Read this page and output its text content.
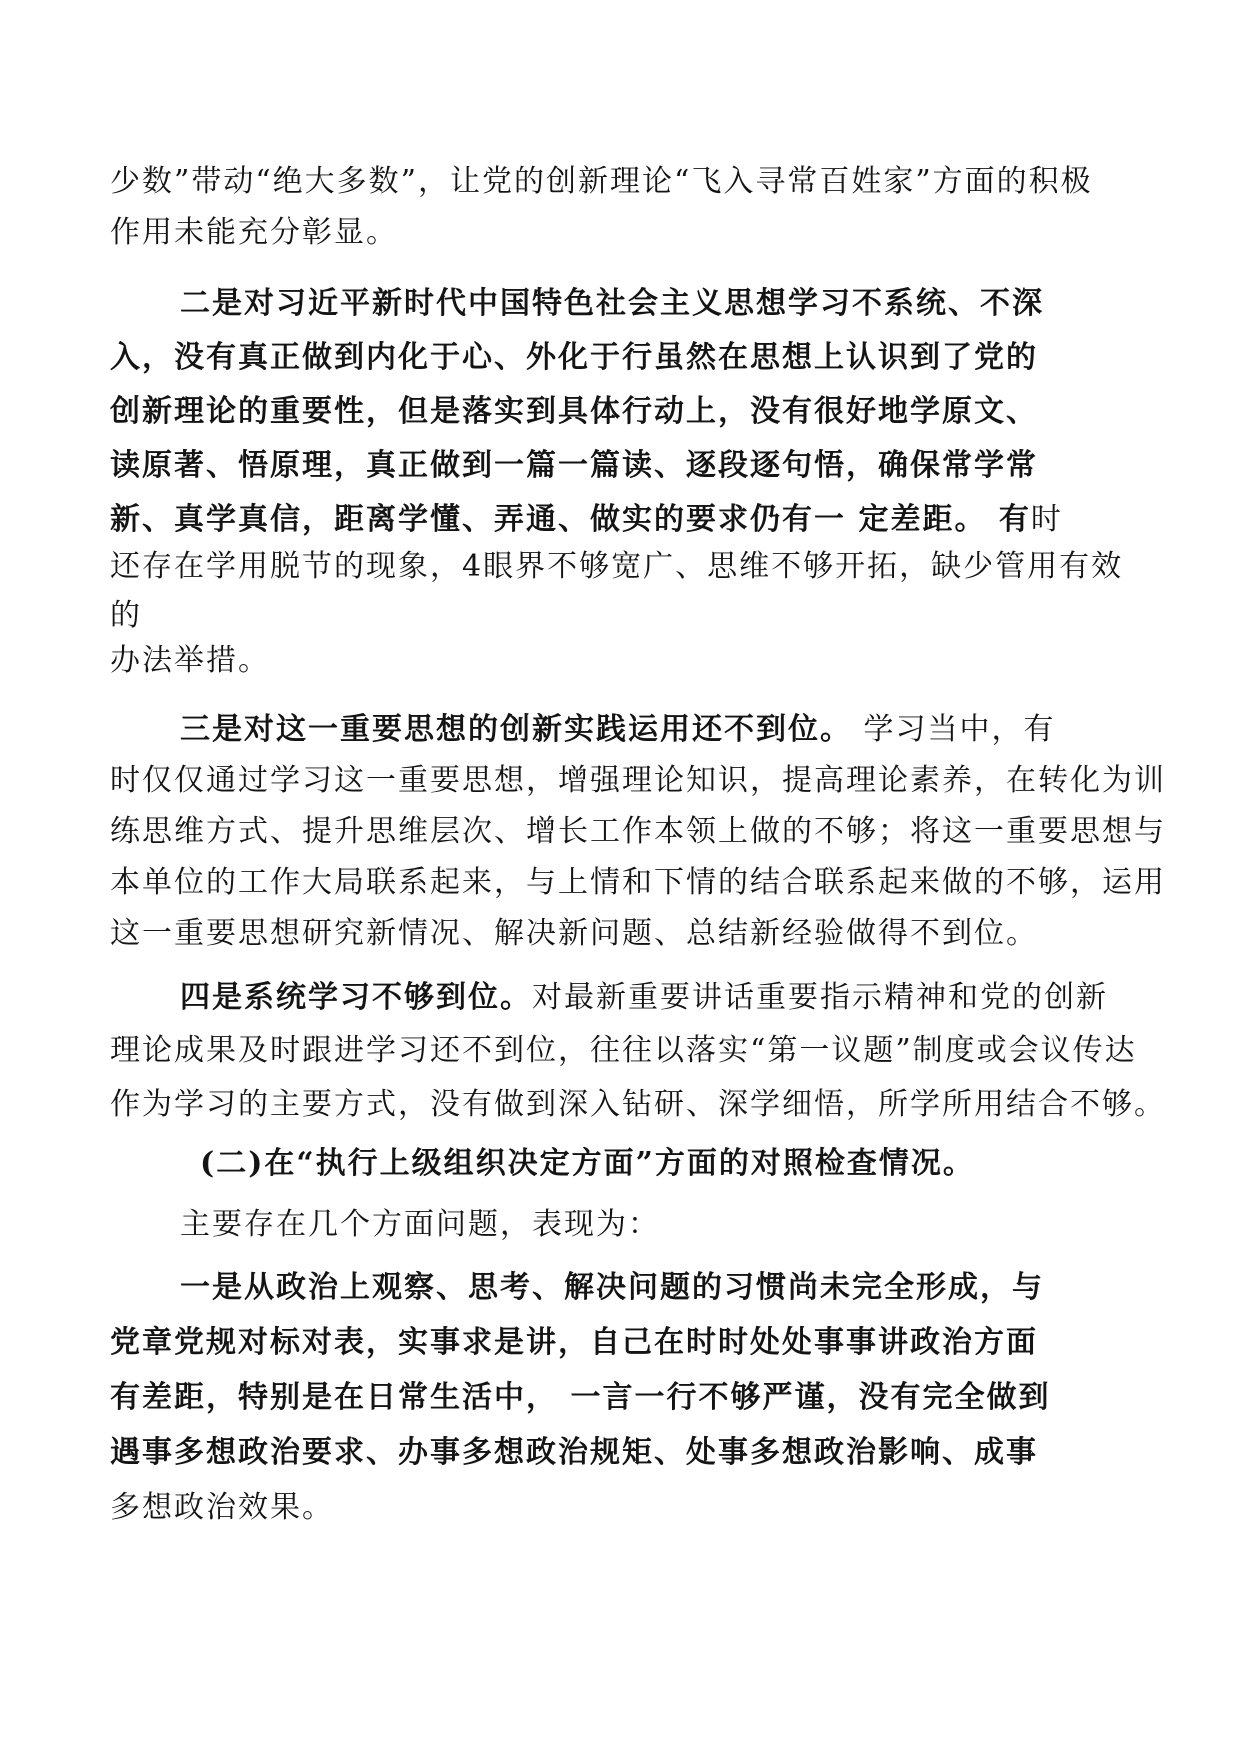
少数”带动“绝大多数”，让党的创新理论“飞入寻常百姓家”方面的积极

作用未能充分彰显。

二是对习近平新时代中国特色社会主义思想学习不系统、不深

入，没有真正做到内化于心、外化于行虽然在思想上认识到了党的

创新理论的重要性，但是落实到具体行动上，没有很好地学原文、

读原著、悟原理，真正做到一篇一篇读、逐段逐句悟，确保常学常

新、真学真信，距离学懂、弄通、做实的要求仍有一 定差距。 有时

还存在学用脱节的现象，4眼界不够宽广、思维不够开拓，缺少管用有效

的

办法举措。

三是对这一重要思想的创新实践运用还不到位。 学习当中，有

时仅仅通过学习这一重要思想，增强理论知识，提高理论素养，在转化为训

练思维方式、提升思维层次、增长工作本领上做的不够；将这一重要思想与

本单位的工作大局联系起来，与上情和下情的结合联系起来做的不够，运用

这一重要思想研究新情况、解决新问题、总结新经验做得不到位。

四是系统学习不够到位。对最新重要讲话重要指示精神和党的创新

理论成果及时跟进学习还不到位，往往以落实“第一议题”制度或会议传达

作为学习的主要方式，没有做到深入钻研、深学细悟，所学所用结合不够。

(二)在“执行上级组织决定方面”方面的对照检查情况。

主要存在几个方面问题，表现为：

一是从政治上观察、思考、解决问题的习惯尚未完全形成，与

党章党规对标对表，实事求是讲，自己在时时处处事事讲政治方面

有差距，特别是在日常生活中， 一言一行不够严谨，没有完全做到

遇事多想政治要求、办事多想政治规矩、处事多想政治影响、成事

多想政治效果。
